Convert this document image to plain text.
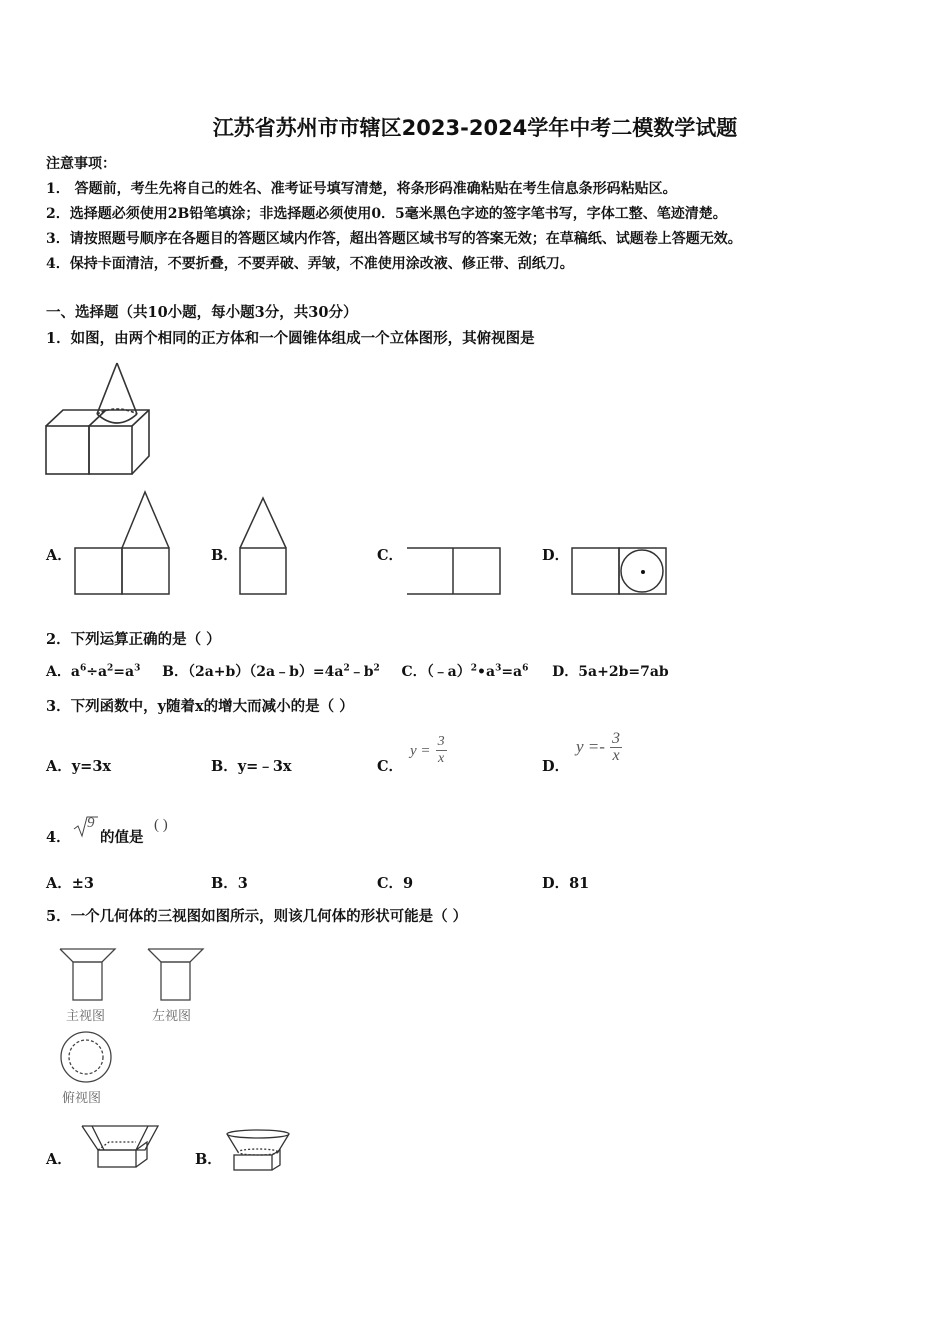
江苏省苏州市市辖区2023-2024学年中考二模数学试题
注意事项：
1． 答题前，考生先将自己的姓名、准考证号填写清楚，将条形码准确粘贴在考生信息条形码粘贴区。
2．选择题必须使用2B铅笔填涂；非选择题必须使用0．5毫米黑色字迹的签字笔书写，字体工整、笔迹清楚。
3．请按照题号顺序在各题目的答题区域内作答，超出答题区域书写的答案无效；在草稿纸、试题卷上答题无效。
4．保持卡面清洁，不要折叠，不要弄破、弄皱，不准使用涂改液、修正带、刮纸刀。
一、选择题（共10小题，每小题3分，共30分）
1．如图，由两个相同的正方体和一个圆锥体组成一个立体图形，其俯视图是
A．	B．	C．	D．
2．下列运算正确的是（ ）
A．$a^6\div a^2=a^3$ B．$(2a+b)(2a﹣b)=4a^2﹣b^2$ C．$(﹣a)^2•a^3=a^6$ D．5a+2b=7ab
3．下列函数中，y随着x的增大而减小的是（ ）
A．y=3x	B．y=﹣3x	C．
$y = \frac{3}{x}$	D．
$y =- \frac{3}{x}$
4．
9
的值是
( )
A．±3	B．3	C．9	D．81
5．一个几何体的三视图如图所示，则该几何体的形状可能是（ ）
主视图	左视图
俯视图
A．	B．
